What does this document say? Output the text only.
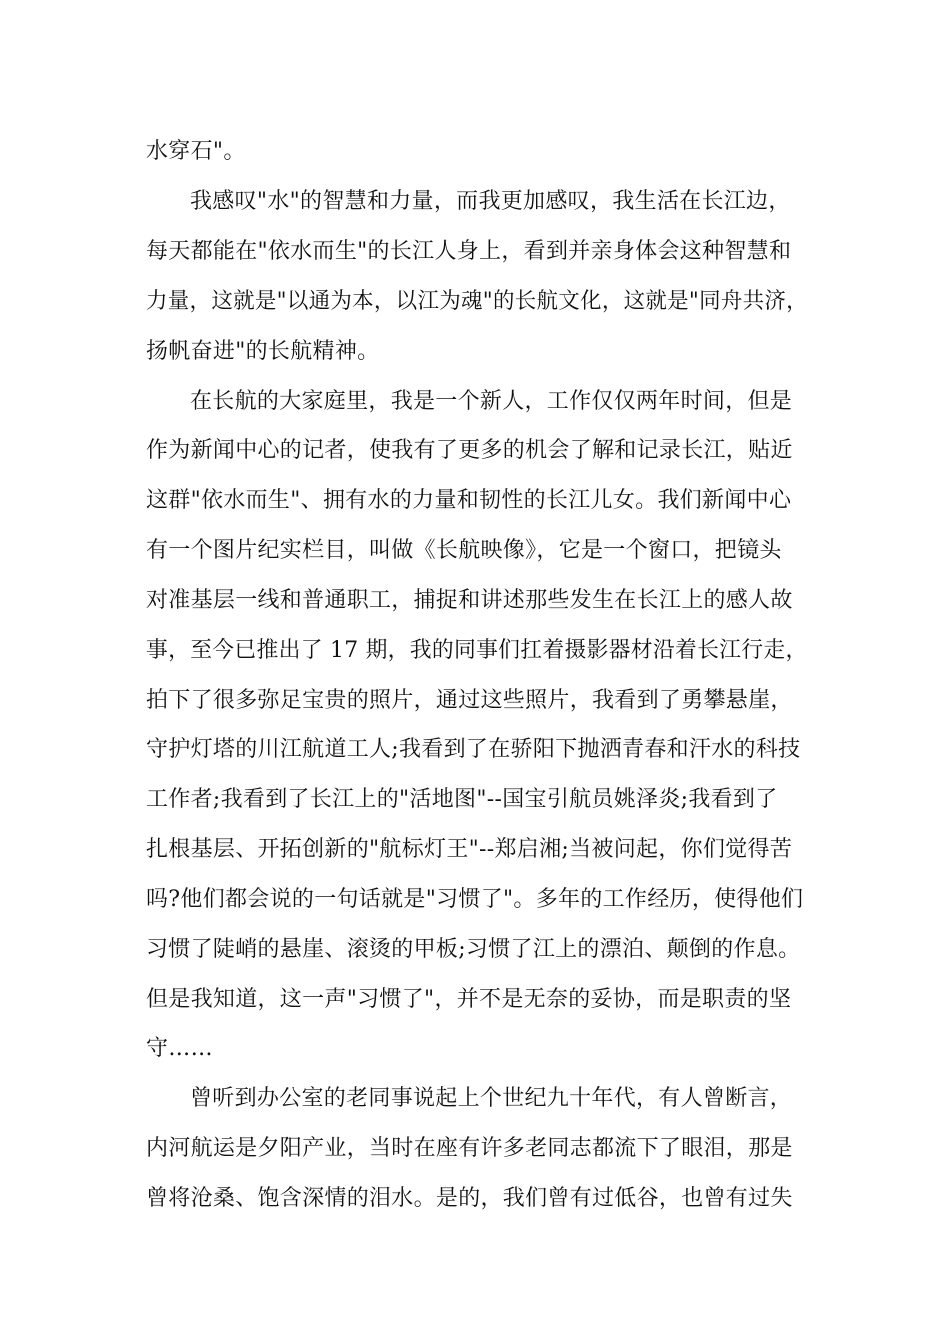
水穿石"。
我感叹"水"的智慧和力量，而我更加感叹，我生活在长江边，
每天都能在"依水而生"的长江人身上，看到并亲身体会这种智慧和
力量，这就是"以通为本，以江为魂"的长航文化，这就是"同舟共济，
扬帆奋进"的长航精神。
在长航的大家庭里，我是一个新人，工作仅仅两年时间，但是
作为新闻中心的记者，使我有了更多的机会了解和记录长江，贴近
这群"依水而生"、拥有水的力量和韧性的长江儿女。我们新闻中心
有一个图片纪实栏目，叫做《长航映像》，它是一个窗口，把镜头
对准基层一线和普通职工，捕捉和讲述那些发生在长江上的感人故
事，至今已推出了 17 期，我的同事们扛着摄影器材沿着长江行走，
拍下了很多弥足宝贵的照片，通过这些照片，我看到了勇攀悬崖，
守护灯塔的川江航道工人;我看到了在骄阳下抛洒青春和汗水的科技
工作者;我看到了长江上的"活地图"--国宝引航员姚泽炎;我看到了
扎根基层、开拓创新的"航标灯王"--郑启湘;当被问起，你们觉得苦
吗?他们都会说的一句话就是"习惯了"。多年的工作经历，使得他们
习惯了陡峭的悬崖、滚烫的甲板;习惯了江上的漂泊、颠倒的作息。
但是我知道，这一声"习惯了"，并不是无奈的妥协，而是职责的坚
守……
曾听到办公室的老同事说起上个世纪九十年代，有人曾断言，
内河航运是夕阳产业，当时在座有许多老同志都流下了眼泪，那是
曾将沧桑、饱含深情的泪水。是的，我们曾有过低谷，也曾有过失
